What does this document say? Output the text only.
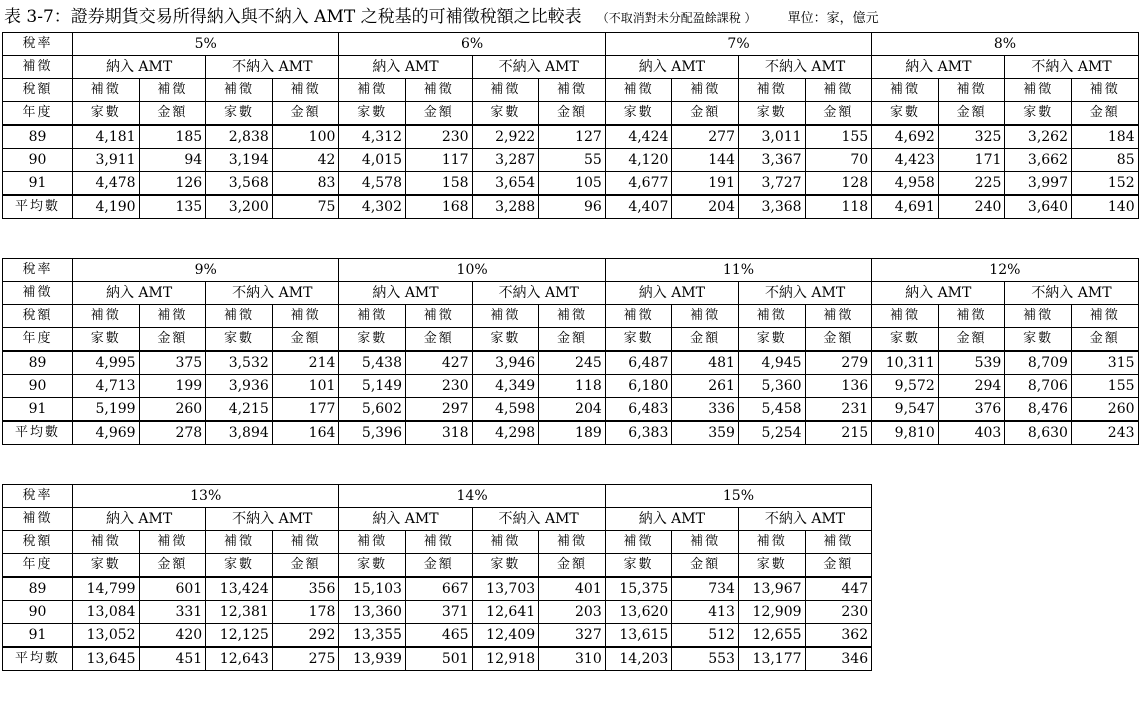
表 3-7：證券期貨交易所得納入與不納入 AMT 之稅基的可補徵稅額之比較表 （不取消對未分配盈餘課稅 ） 單位：家，億元
稅率	5%				6%				7%				8%			
補徵	納入 AMT		不納入 AMT		納入 AMT		不納入 AMT		納入 AMT		不納入 AMT		納入 AMT		不納入 AMT	
稅額	補徵	補徵	補徵	補徵	補徵	補徵	補徵	補徵	補徵	補徵	補徵	補徵	補徵	補徵	補徵	補徵
年度	家數	金額	家數	金額	家數	金額	家數	金額	家數	金額	家數	金額	家數	金額	家數	金額
89	4,181	185	2,838	100	4,312	230	2,922	127	4,424	277	3,011	155	4,692	325	3,262	184
90	3,911	94	3,194	42	4,015	117	3,287	55	4,120	144	3,367	70	4,423	171	3,662	85
91	4,478	126	3,568	83	4,578	158	3,654	105	4,677	191	3,727	128	4,958	225	3,997	152
平均數	4,190	135	3,200	75	4,302	168	3,288	96	4,407	204	3,368	118	4,691	240	3,640	140
稅率	9%				10%				11%				12%			
補徵	納入 AMT		不納入 AMT		納入 AMT		不納入 AMT		納入 AMT		不納入 AMT		納入 AMT		不納入 AMT	
稅額	補徵	補徵	補徵	補徵	補徵	補徵	補徵	補徵	補徵	補徵	補徵	補徵	補徵	補徵	補徵	補徵
年度	家數	金額	家數	金額	家數	金額	家數	金額	家數	金額	家數	金額	家數	金額	家數	金額
89	4,995	375	3,532	214	5,438	427	3,946	245	6,487	481	4,945	279	10,311	539	8,709	315
90	4,713	199	3,936	101	5,149	230	4,349	118	6,180	261	5,360	136	9,572	294	8,706	155
91	5,199	260	4,215	177	5,602	297	4,598	204	6,483	336	5,458	231	9,547	376	8,476	260
平均數	4,969	278	3,894	164	5,396	318	4,298	189	6,383	359	5,254	215	9,810	403	8,630	243
稅率	13%				14%				15%							
補徵	納入 AMT		不納入 AMT		納入 AMT		不納入 AMT		納入 AMT		不納入 AMT					
稅額	補徵	補徵	補徵	補徵	補徵	補徵	補徵	補徵	補徵	補徵	補徵	補徵				
年度	家數	金額	家數	金額	家數	金額	家數	金額	家數	金額	家數	金額				
89	14,799	601	13,424	356	15,103	667	13,703	401	15,375	734	13,967	447				
90	13,084	331	12,381	178	13,360	371	12,641	203	13,620	413	12,909	230				
91	13,052	420	12,125	292	13,355	465	12,409	327	13,615	512	12,655	362				
平均數	13,645	451	12,643	275	13,939	501	12,918	310	14,203	553	13,177	346				
